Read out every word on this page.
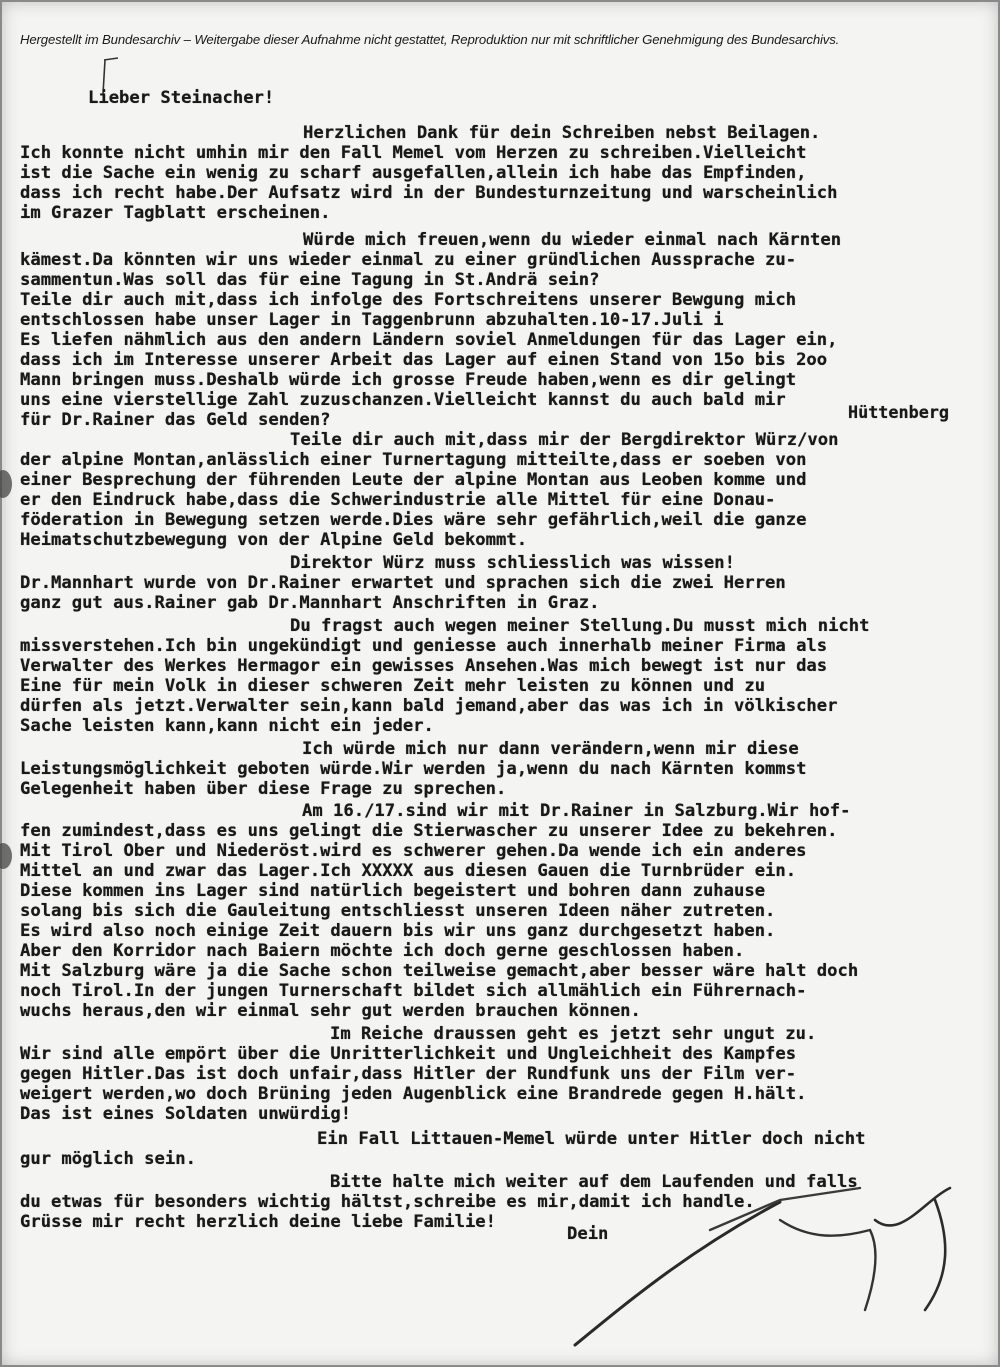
Hergestellt im Bundesarchiv – Weitergabe dieser Aufnahme nicht gestattet, Reproduktion nur mit schriftlicher Genehmigung des Bundesarchivs.
Lieber Steinacher!
Herzlichen Dank für dein Schreiben nebst Beilagen.
Ich konnte nicht umhin mir den Fall Memel vom Herzen zu schreiben.Vielleicht
ist die Sache ein wenig zu scharf ausgefallen,allein ich habe das Empfinden,
dass ich recht habe.Der Aufsatz wird in der Bundesturnzeitung und warscheinlich
im Grazer Tagblatt erscheinen.
Würde mich freuen,wenn du wieder einmal nach Kärnten
kämest.Da könnten wir uns wieder einmal zu einer gründlichen Aussprache zu-
sammentun.Was soll das für eine Tagung in St.Andrä sein?
Teile dir auch mit,dass ich infolge des Fortschreitens unserer Bewgung mich
entschlossen habe unser Lager in Taggenbrunn abzuhalten.10-17.Juli i
Es liefen nähmlich aus den andern Ländern soviel Anmeldungen für das Lager ein,
dass ich im Interesse unserer Arbeit das Lager auf einen Stand von 15o bis 2oo
Mann bringen muss.Deshalb würde ich grosse Freude haben,wenn es dir gelingt
uns eine vierstellige Zahl zuzuschanzen.Vielleicht kannst du auch bald mir
für Dr.Rainer das Geld senden?	Hüttenberg
Teile dir auch mit,dass mir der Bergdirektor Würz/von
der alpine Montan,anlässlich einer Turnertagung mitteilte,dass er soeben von
einer Besprechung der führenden Leute der alpine Montan aus Leoben komme und
er den Eindruck habe,dass die Schwerindustrie alle Mittel für eine Donau-
föderation in Bewegung setzen werde.Dies wäre sehr gefährlich,weil die ganze
Heimatschutzbewegung von der Alpine Geld bekommt.
Direktor Würz muss schliesslich was wissen!
Dr.Mannhart wurde von Dr.Rainer erwartet und sprachen sich die zwei Herren
ganz gut aus.Rainer gab Dr.Mannhart Anschriften in Graz.
Du fragst auch wegen meiner Stellung.Du musst mich nicht
missverstehen.Ich bin ungekündigt und geniesse auch innerhalb meiner Firma als
Verwalter des Werkes Hermagor ein gewisses Ansehen.Was mich bewegt ist nur das
Eine für mein Volk in dieser schweren Zeit mehr leisten zu können und zu
dürfen als jetzt.Verwalter sein,kann bald jemand,aber das was ich in völkischer
Sache leisten kann,kann nicht ein jeder.
Ich würde mich nur dann verändern,wenn mir diese
Leistungsmöglichkeit geboten würde.Wir werden ja,wenn du nach Kärnten kommst
Gelegenheit haben über diese Frage zu sprechen.
Am 16./17.sind wir mit Dr.Rainer in Salzburg.Wir hof-
fen zumindest,dass es uns gelingt die Stierwascher zu unserer Idee zu bekehren.
Mit Tirol Ober und Niederöst.wird es schwerer gehen.Da wende ich ein anderes
Mittel an und zwar das Lager.Ich XXXXX aus diesen Gauen die Turnbrüder ein.
Diese kommen ins Lager sind natürlich begeistert und bohren dann zuhause
solang bis sich die Gauleitung entschliesst unseren Ideen näher zutreten.
Es wird also noch einige Zeit dauern bis wir uns ganz durchgesetzt haben.
Aber den Korridor nach Baiern möchte ich doch gerne geschlossen haben.
Mit Salzburg wäre ja die Sache schon teilweise gemacht,aber besser wäre halt doch
noch Tirol.In der jungen Turnerschaft bildet sich allmählich ein Führernach-
wuchs heraus,den wir einmal sehr gut werden brauchen können.
Im Reiche draussen geht es jetzt sehr ungut zu.
Wir sind alle empört über die Unritterlichkeit und Ungleichheit des Kampfes
gegen Hitler.Das ist doch unfair,dass Hitler der Rundfunk uns der Film ver-
weigert werden,wo doch Brüning jeden Augenblick eine Brandrede gegen H.hält.
Das ist eines Soldaten unwürdig!
Ein Fall Littauen-Memel würde unter Hitler doch nicht
gur möglich sein.
Bitte halte mich weiter auf dem Laufenden und falls
du etwas für besonders wichtig hältst,schreibe es mir,damit ich handle.
Grüsse mir recht herzlich deine liebe Familie!
Dein
